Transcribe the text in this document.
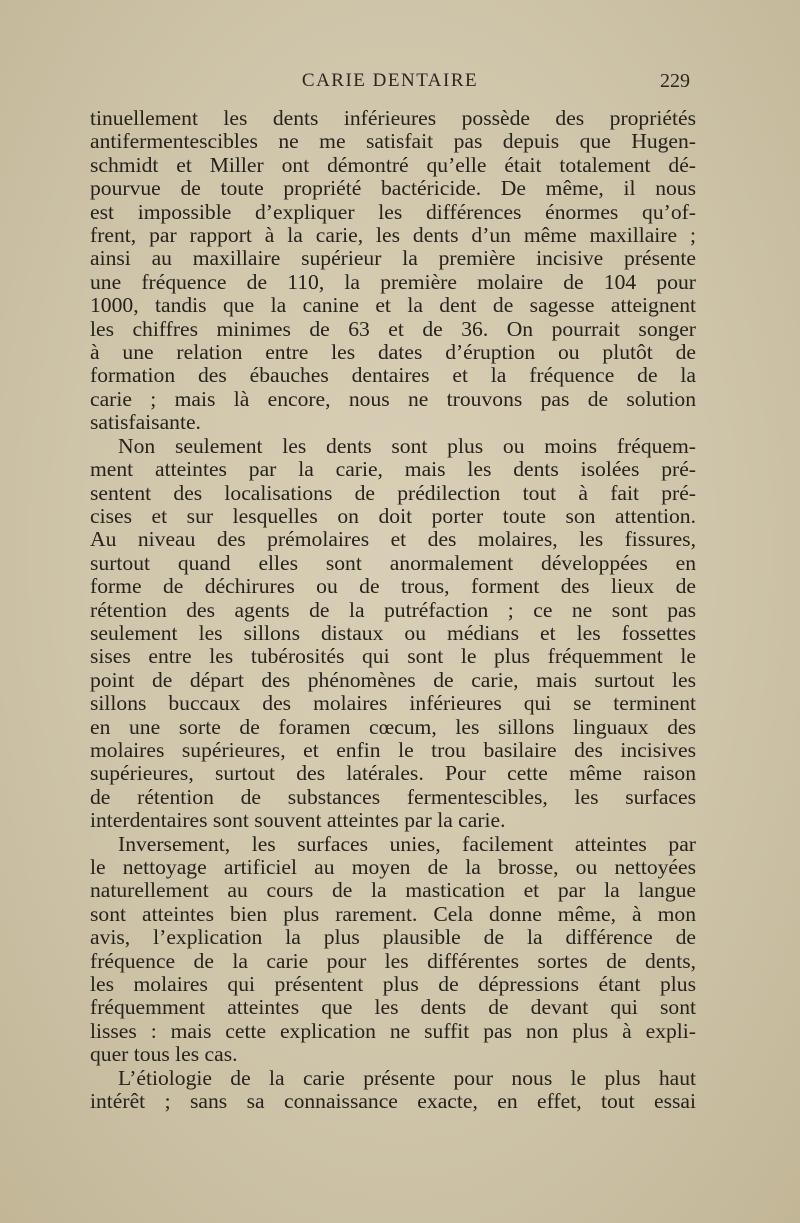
CARIE DENTAIRE	229
tinuellement les dents inférieures possède des propriétés
antifermentescibles ne me satisfait pas depuis que Hugen-
schmidt et Miller ont démontré qu’elle était totalement dé-
pourvue de toute propriété bactéricide. De même, il nous
est impossible d’expliquer les différences énormes qu’of-
frent, par rapport à la carie, les dents d’un même maxillaire ;
ainsi au maxillaire supérieur la première incisive présente
une fréquence de 110, la première molaire de 104 pour
1000, tandis que la canine et la dent de sagesse atteignent
les chiffres minimes de 63 et de 36. On pourrait songer
à une relation entre les dates d’éruption ou plutôt de
formation des ébauches dentaires et la fréquence de la
carie ; mais là encore, nous ne trouvons pas de solution
satisfaisante.
Non seulement les dents sont plus ou moins fréquem-
ment atteintes par la carie, mais les dents isolées pré-
sentent des localisations de prédilection tout à fait pré-
cises et sur lesquelles on doit porter toute son attention.
Au niveau des prémolaires et des molaires, les fissures,
surtout quand elles sont anormalement développées en
forme de déchirures ou de trous, forment des lieux de
rétention des agents de la putréfaction ; ce ne sont pas
seulement les sillons distaux ou médians et les fossettes
sises entre les tubérosités qui sont le plus fréquemment le
point de départ des phénomènes de carie, mais surtout les
sillons buccaux des molaires inférieures qui se terminent
en une sorte de foramen cœcum, les sillons linguaux des
molaires supérieures, et enfin le trou basilaire des incisives
supérieures, surtout des latérales. Pour cette même raison
de rétention de substances fermentescibles, les surfaces
interdentaires sont souvent atteintes par la carie.
Inversement, les surfaces unies, facilement atteintes par
le nettoyage artificiel au moyen de la brosse, ou nettoyées
naturellement au cours de la mastication et par la langue
sont atteintes bien plus rarement. Cela donne même, à mon
avis, l’explication la plus plausible de la différence de
fréquence de la carie pour les différentes sortes de dents,
les molaires qui présentent plus de dépressions étant plus
fréquemment atteintes que les dents de devant qui sont
lisses : mais cette explication ne suffit pas non plus à expli-
quer tous les cas.
L’étiologie de la carie présente pour nous le plus haut
intérêt ; sans sa connaissance exacte, en effet, tout essai
